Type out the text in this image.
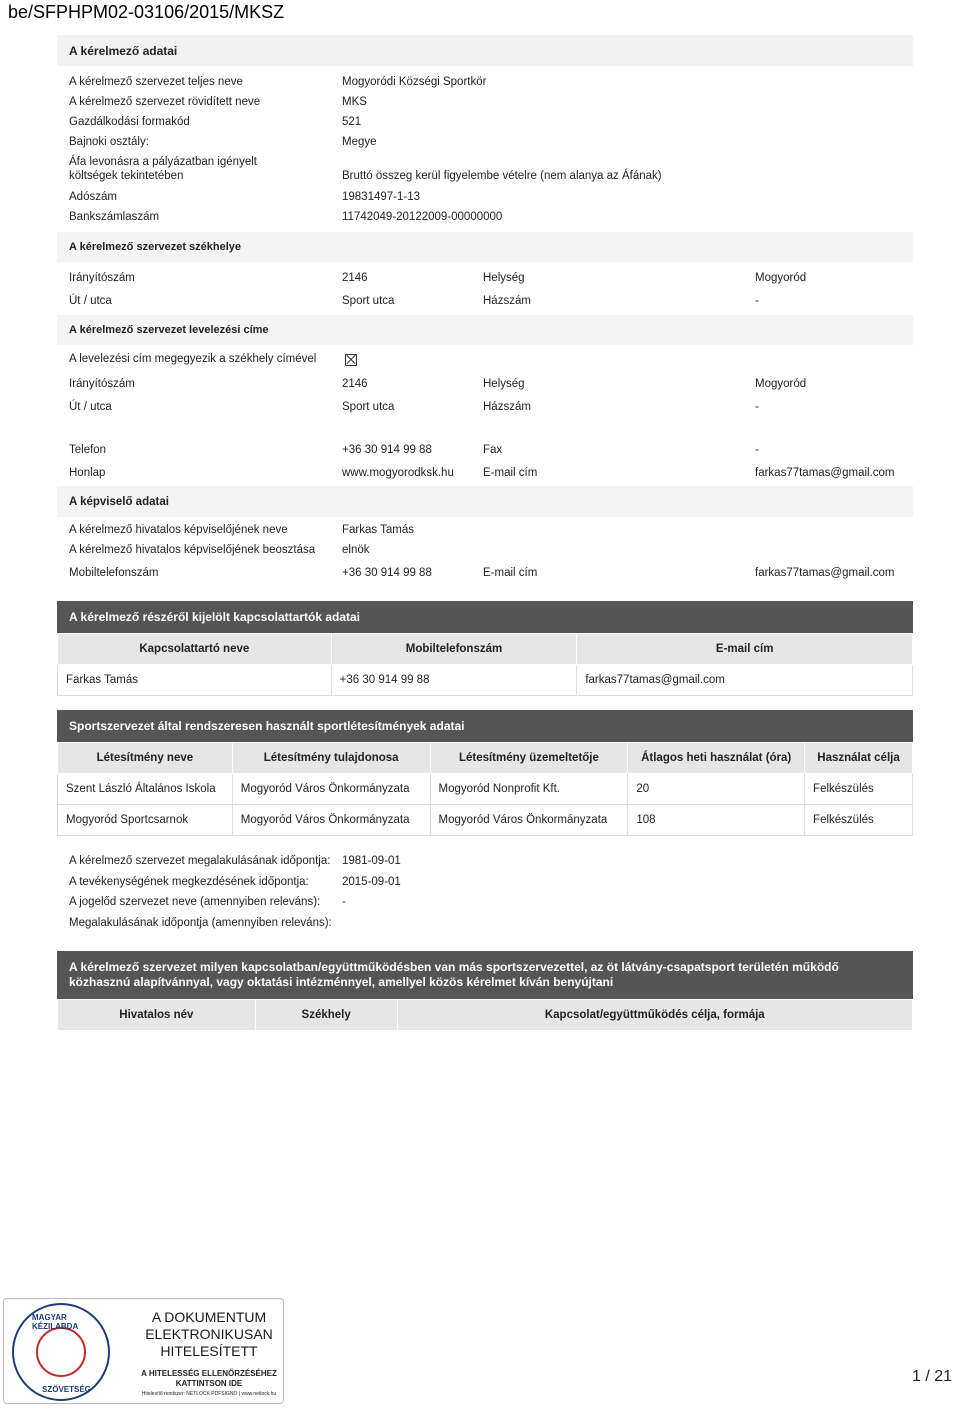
be/SFPHPM02-03106/2015/MKSZ
A kérelmező adatai
A kérelmező szervezet teljes neve	Mogyoródi Községi Sportkör
A kérelmező szervezet rövidített neve	MKS
Gazdálkodási formakód	521
Bajnoki osztály:	Megye
Áfa levonásra a pályázatban igényelt
költségek tekintetében	Bruttó összeg kerül figyelembe vételre (nem alanya az Áfának)
Adószám	19831497-1-13
Bankszámlaszám	11742049-20122009-00000000
A kérelmező szervezet székhelye
Irányítószám	2146	Helység	Mogyoród
Út / utca	Sport utca	Házszám	-
A kérelmező szervezet levelezési címe
A levelezési cím megegyezik a székhely címével
Irányítószám	2146	Helység	Mogyoród
Út / utca	Sport utca	Házszám	-
Telefon	+36 30 914 99 88	Fax	-
Honlap	www.mogyorodksk.hu	E-mail cím	farkas77tamas@gmail.com
A képviselő adatai
A kérelmező hivatalos képviselőjének neve	Farkas Tamás
A kérelmező hivatalos képviselőjének beosztása elnök
Mobiltelefonszám	+36 30 914 99 88	E-mail cím	farkas77tamas@gmail.com
A kérelmező részéről kijelölt kapcsolattartók adatai
Kapcsolattartó neve	Mobiltelefonszám	E-mail cím
Farkas Tamás	+36 30 914 99 88	farkas77tamas@gmail.com
Sportszervezet által rendszeresen használt sportlétesítmények adatai
Létesítmény neve	Létesítmény tulajdonosa	Létesítmény üzemeltetője	Átlagos heti használat (óra)	Használat célja
Szent László Általános Iskola	Mogyoród Város Önkormányzata	Mogyoród Nonprofit Kft.	20	Felkészülés
Mogyoród Sportcsarnok	Mogyoród Város Önkormányzata	Mogyoród Város Önkormányzata	108	Felkészülés
A kérelmező szervezet megalakulásának időpontja: 1981-09-01
A tevékenységének megkezdésének időpontja:	2015-09-01
A jogelőd szervezet neve (amennyiben releváns): -
Megalakulásának időpontja (amennyiben releváns):
A kérelmező szervezet milyen kapcsolatban/együttműködésben van más sportszervezettel, az öt látvány-csapatsport területén működő
közhasznú alapítvánnyal, vagy oktatási intézménnyel, amellyel közös kérelmet kíván benyújtani
Hivatalos név	Székhely	Kapcsolat/együttműködés célja, formája
MAGYAR KÉZILABDA
SZÖVETSÉG
A DOKUMENTUM
ELEKTRONIKUSAN
HITELESÍTETT
A HITELESSÉG ELLENŐRZÉSÉHEZ
KATTINTSON IDE
Hitelesítő rendszer: NETLOCK PDFSIGNO | www.netlock.hu
1 / 21
